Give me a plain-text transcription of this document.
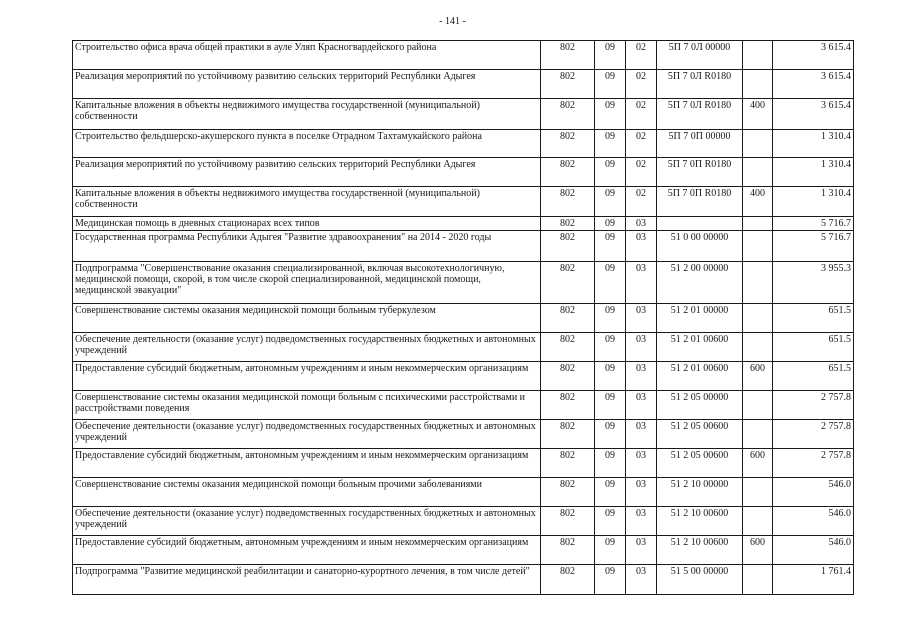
- 141 -
Строительство офиса врача общей практики в ауле Уляп Красногвардейского района	802	09	02	5П 7 0Л 00000		3 615.4
Реализация мероприятий по устойчивому развитию сельских территорий Республики Адыгея	802	09	02	5П 7 0Л R0180		3 615.4
Капитальные вложения в объекты недвижимого имущества государственной (муниципальной) собственности	802	09	02	5П 7 0Л R0180	400	3 615.4
Строительство фельдшерско-акушерского пункта в поселке Отрадном Тахтамукайского района	802	09	02	5П 7 0П 00000		1 310.4
Реализация мероприятий по устойчивому развитию сельских территорий Республики Адыгея	802	09	02	5П 7 0П R0180		1 310.4
Капитальные вложения в объекты недвижимого имущества государственной (муниципальной) собственности	802	09	02	5П 7 0П R0180	400	1 310.4
Медицинская помощь в дневных стационарах всех типов	802	09	03			5 716.7
Государственная программа Республики Адыгея "Развитие здравоохранения" на 2014 - 2020 годы	802	09	03	51 0 00 00000		5 716.7
Подпрограмма "Совершенствование оказания специализированной, включая высокотехнологичную, медицинской помощи, скорой, в том числе скорой специализированной, медицинской помощи, медицинской эвакуации"	802	09	03	51 2 00 00000		3 955.3
Совершенствование системы оказания медицинской помощи больным туберкулезом	802	09	03	51 2 01 00000		651.5
Обеспечение деятельности (оказание услуг) подведомственных государственных бюджетных и автономных учреждений	802	09	03	51 2 01 00600		651.5
Предоставление субсидий бюджетным, автономным учреждениям и иным некоммерческим организациям	802	09	03	51 2 01 00600	600	651.5
Совершенствование системы оказания медицинской помощи больным с психическими расстройствами и расстройствами поведения	802	09	03	51 2 05 00000		2 757.8
Обеспечение деятельности (оказание услуг) подведомственных государственных бюджетных и автономных учреждений	802	09	03	51 2 05 00600		2 757.8
Предоставление субсидий бюджетным, автономным учреждениям и иным некоммерческим организациям	802	09	03	51 2 05 00600	600	2 757.8
Совершенствование системы оказания медицинской помощи больным прочими заболеваниями	802	09	03	51 2 10 00000		546.0
Обеспечение деятельности (оказание услуг) подведомственных государственных бюджетных и автономных учреждений	802	09	03	51 2 10 00600		546.0
Предоставление субсидий бюджетным, автономным учреждениям и иным некоммерческим организациям	802	09	03	51 2 10 00600	600	546.0
Подпрограмма "Развитие медицинской реабилитации и санаторно-курортного лечения, в том числе детей"	802	09	03	51 5 00 00000		1 761.4
